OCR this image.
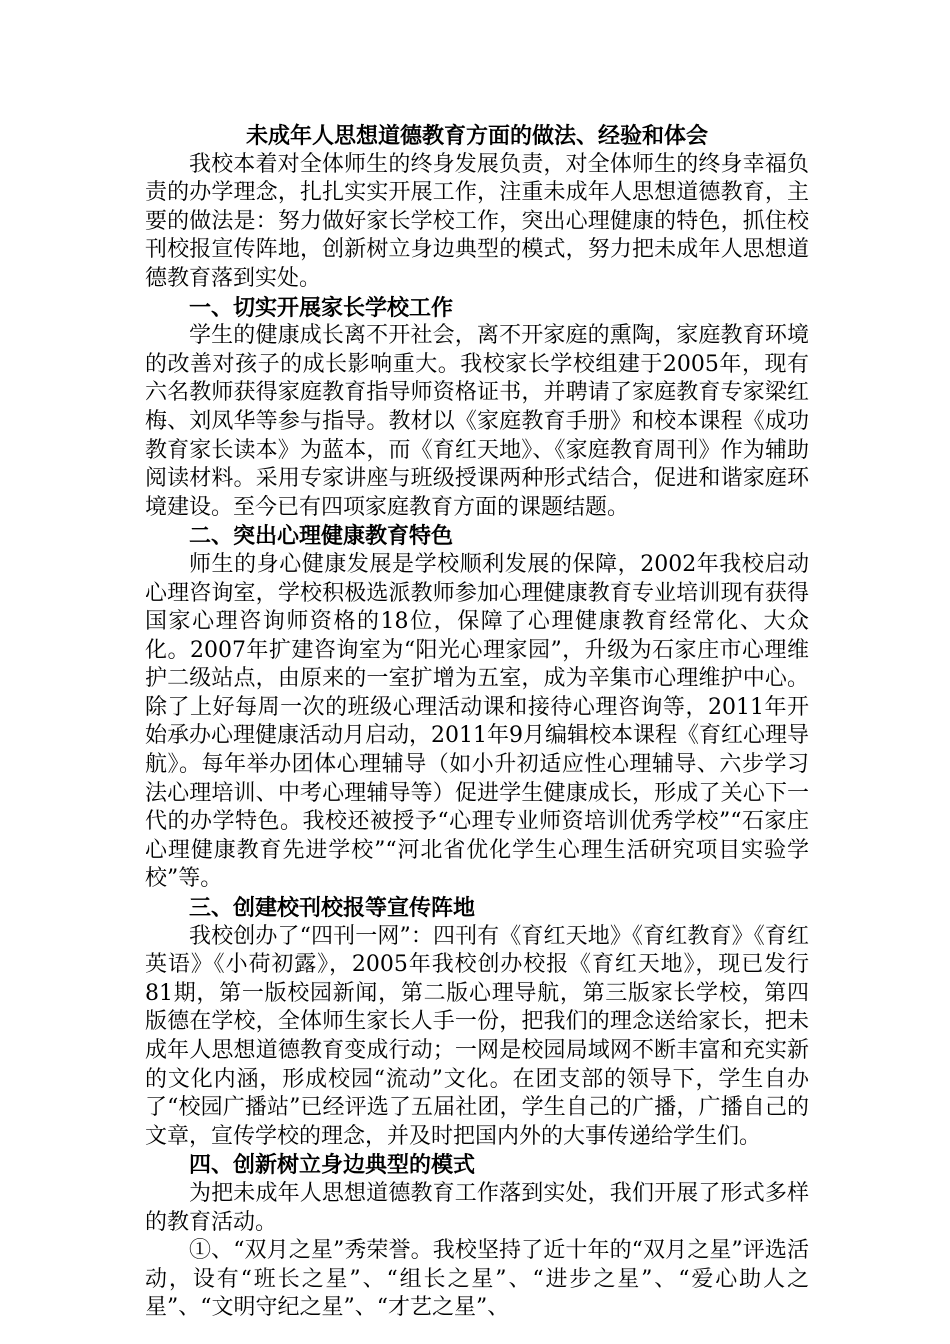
未成年人思想道德教育方面的做法、经验和体会

我校本着对全体师生的终身发展负责，对全体师生的终身幸福负责的办学理念，扎扎实实开展工作，注重未成年人思想道德教育，主要的做法是：努力做好家长学校工作，突出心理健康的特色，抓住校刊校报宣传阵地，创新树立身边典型的模式，努力把未成年人思想道德教育落到实处。

一、切实开展家长学校工作

学生的健康成长离不开社会，离不开家庭的熏陶，家庭教育环境的改善对孩子的成长影响重大。我校家长学校组建于2005年，现有六名教师获得家庭教育指导师资格证书，并聘请了家庭教育专家梁红梅、刘凤华等参与指导。教材以《家庭教育手册》和校本课程《成功教育家长读本》为蓝本，而《育红天地》、《家庭教育周刊》作为辅助阅读材料。采用专家讲座与班级授课两种形式结合，促进和谐家庭环境建设。至今已有四项家庭教育方面的课题结题。

二、突出心理健康教育特色

师生的身心健康发展是学校顺利发展的保障，2002年我校启动心理咨询室，学校积极选派教师参加心理健康教育专业培训现有获得国家心理咨询师资格的18位，保障了心理健康教育经常化、大众化。2007年扩建咨询室为“阳光心理家园”，升级为石家庄市心理维护二级站点，由原来的一室扩增为五室，成为辛集市心理维护中心。除了上好每周一次的班级心理活动课和接待心理咨询等，2011年开始承办心理健康活动月启动，2011年9月编辑校本课程《育红心理导航》。每年举办团体心理辅导（如小升初适应性心理辅导、六步学习法心理培训、中考心理辅导等）促进学生健康成长，形成了关心下一代的办学特色。我校还被授予“心理专业师资培训优秀学校”“石家庄心理健康教育先进学校”“河北省优化学生心理生活研究项目实验学校”等。

三、创建校刊校报等宣传阵地

我校创办了“四刊一网”：四刊有《育红天地》《育红教育》《育红英语》《小荷初露》，2005年我校创办校报《育红天地》，现已发行81期，第一版校园新闻，第二版心理导航，第三版家长学校，第四版德在学校，全体师生家长人手一份，把我们的理念送给家长，把未成年人思想道德教育变成行动；一网是校园局域网不断丰富和充实新的文化内涵，形成校园“流动”文化。在团支部的领导下，学生自办了“校园广播站”已经评选了五届社团，学生自己的广播，广播自己的文章，宣传学校的理念，并及时把国内外的大事传递给学生们。

四、创新树立身边典型的模式

为把未成年人思想道德教育工作落到实处，我们开展了形式多样的教育活动。

①、“双月之星”秀荣誉。我校坚持了近十年的“双月之星”评选活动，设有“班长之星”、“组长之星”、“进步之星”、“爱心助人之星”、“文明守纪之星”、“才艺之星”、
